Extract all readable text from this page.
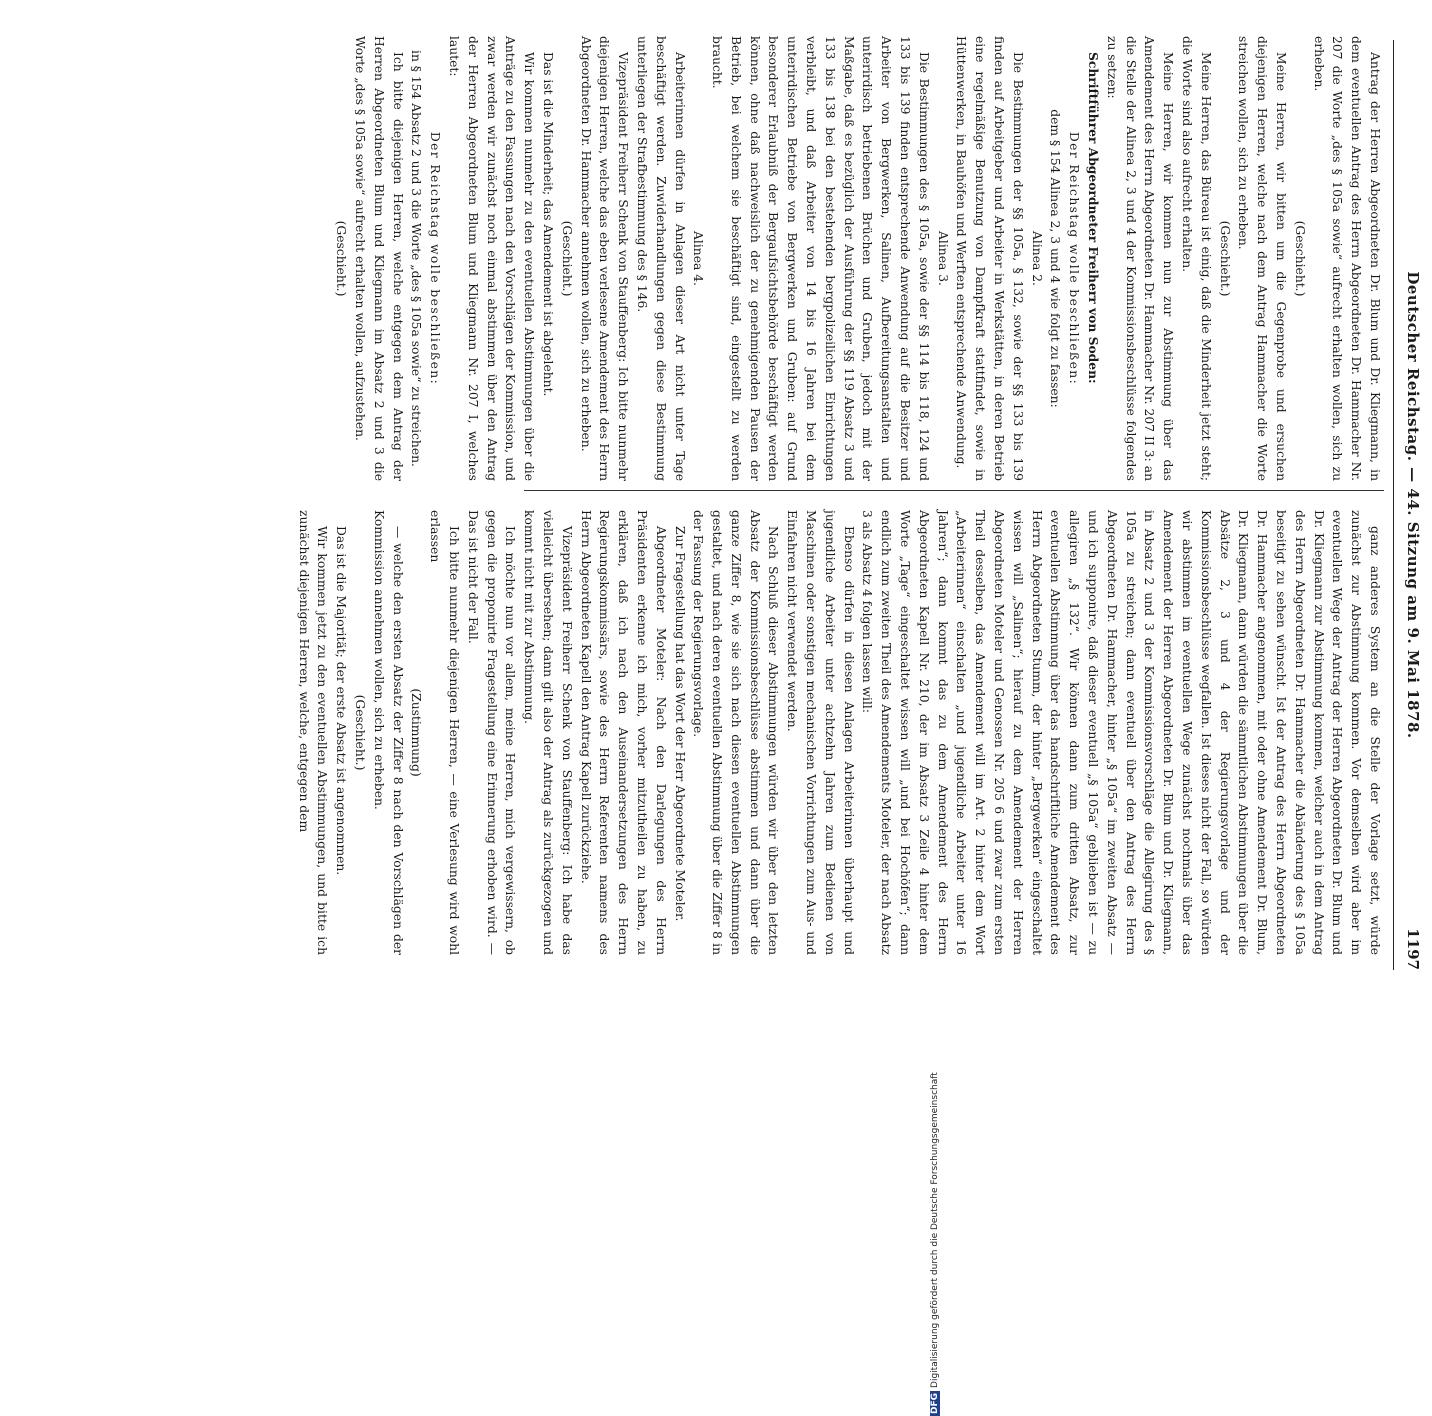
Deutscher Reichstag. — 44. Sitzung am 9. Mai 1878.
1197

Antrag der Herren Abgeordneten Dr. Blum und Dr. Kliegmann, in dem eventuellen Antrag des Herrn Abgeordneten Dr. Hammacher Nr. 207 die Worte „des § 105a sowie“ aufrecht erhalten wollen, sich zu erheben.

(Geschieht.)

Meine Herren, wir bitten um die Gegenprobe und ersuchen diejenigen Herren, welche nach dem Antrag Hammacher die Worte streichen wollen, sich zu erheben.

(Geschieht.)

Meine Herren, das Büreau ist einig, daß die Minderheit jetzt steht; die Worte sind also aufrecht erhalten.

Meine Herren, wir kommen nun zur Abstimmung über das Amendement des Herrn Abgeordneten Dr. Hammacher Nr. 207 II 3: an die Stelle der Alinea 2, 3 und 4 der Kommissionsbeschlüsse folgendes zu setzen:

Schriftführer Abgeordneter Freiherr von Soden:

Der Reichstag wolle beschließen:

dem § 154 Alinea 2, 3 und 4 wie folgt zu fassen:

Alinea 2.

Die Bestimmungen der §§ 105a, § 132, sowie der §§ 133 bis 139 finden auf Arbeitgeber und Arbeiter in Werkstätten, in deren Betrieb eine regelmäßige Benutzung von Dampfkraft stattfindet, sowie in Hüttenwerken, in Bauhöfen und Werften entsprechende Anwendung.

Alinea 3.

Die Bestimmungen des § 105a, sowie der §§ 114 bis 118, 124 und 133 bis 139 finden entsprechende Anwendung auf die Besitzer und Arbeiter von Bergwerken, Salinen, Aufbereitungsanstalten und unterirdisch betriebenen Brüchen und Gruben, jedoch mit der Maßgabe, daß es bezüglich der Ausführung der §§ 119 Absatz 3 und 133 bis 138 bei den bestehenden bergpolizeilichen Einrichtungen verbleibt, und daß Arbeiter von 14 bis 16 Jahren bei dem unterirdischen Betriebe von Bergwerken und Gruben: auf Grund besonderer Erlaubniß der Bergaufsichtsbehörde beschäftigt werden können, ohne daß nachweislich der zu genehmigenden Pausen der Betrieb, bei welchem sie beschäftigt sind, eingestellt zu werden braucht.

Alinea 4.

Arbeiterinnen dürfen in Anlagen dieser Art nicht unter Tage beschäftigt werden. Zuwiderhandlungen gegen diese Bestimmung unterliegen der Strafbestimmung des § 146.

Vizepräsident Freiherr Schenk von Stauffenberg: Ich bitte nunmehr diejenigen Herren, welche das eben verlesene Amendement des Herrn Abgeordneten Dr. Hammacher annehmen wollen, sich zu erheben.

(Geschieht.)

Das ist die Minderheit; das Amendement ist abgelehnt.

Wir kommen nunmehr zu den eventuellen Abstimmungen über die Anträge zu den Fassungen nach den Vorschlägen der Kommission, und zwar werden wir zunächst noch einmal abstimmen über den Antrag der Herren Abgeordneten Blum und Kliegmann Nr. 207 I, welches lautet:

Der Reichstag wolle beschließen:

in § 154 Absatz 2 und 3 die Worte „des § 105a sowie“ zu streichen.

Ich bitte diejenigen Herren, welche entgegen dem Antrag der Herren Abgeordneten Blum und Kliegmann im Absatz 2 und 3 die Worte „des § 105a sowie“ aufrecht erhalten wollen, aufzustehen.

(Geschieht.)

ganz anderes System an die Stelle der Vorlage setzt, würde zunächst zur Abstimmung kommen. Vor demselben wird aber im eventuellen Wege der Antrag der Herren Abgeordneten Dr. Blum und Dr. Kliegmann zur Abstimmung kommen, welcher auch in dem Antrag des Herrn Abgeordneten Dr. Hammacher die Abänderung des § 105a beseitigt zu sehen wünscht. Ist der Antrag des Herrn Abgeordneten Dr. Hammacher angenommen, mit oder ohne Amendement Dr. Blum, Dr. Kliegmann, dann würden die sämmtlichen Abstimmungen über die Absätze 2, 3 und 4 der Regierungsvorlage und der Kommissionsbeschlüsse wegfallen. Ist dieses nicht der Fall, so würden wir abstimmen im eventuellen Wege zunächst nochmals über das Amendement der Herren Abgeordneten Dr. Blum und Dr. Kliegmann, in Absatz 2 und 3 der Kommissionsvorschläge die Allegirung des § 105a zu streichen; dann eventuell über den Antrag des Herrn Abgeordneten Dr. Hammacher, hinter „§ 105a“ im zweiten Absatz — und ich supponire, daß dieser eventuell „§ 105a“ geblieben ist — zu allegiren „§ 132“. Wir können dann zum dritten Absatz, zur eventuellen Abstimmung über das handschriftliche Amendement des Herrn Abgeordneten Stumm, der hinter „Bergwerken“ eingeschaltet wissen will „Salinen“; hierauf zu dem Amendement der Herren Abgeordneten Moteler und Genossen Nr. 205 6 und zwar zum ersten Theil desselben, das Amendement will im Art. 2 hinter dem Wort „Arbeiterinnen“ einschalten „und jugendliche Arbeiter unter 16 Jahren“; dann kommt das zu dem Amendement des Herrn Abgeordneten Kapell Nr. 210, der im Absatz 3 Zeile 4 hinter dem Worte „Tage“ eingeschaltet wissen will „und bei Hochöfen“; dann endlich zum zweiten Theil des Amendements Moteler, der nach Absatz 3 als Absatz 4 folgen lassen will:

Ebenso dürfen in diesen Anlagen Arbeiterinnen überhaupt und jugendliche Arbeiter unter achtzehn Jahren zum Bedienen von Maschinen oder sonstigen mechanischen Vorrichtungen zum Aus- und Einfahren nicht verwendet werden.

Nach Schluß dieser Abstimmungen würden wir über den letzten Absatz der Kommissionsbeschlüsse abstimmen und dann über die ganze Ziffer 8, wie sie sich nach diesen eventuellen Abstimmungen gestaltet, und nach deren eventuellen Abstimmung über die Ziffer 8 in der Fassung der Regierungsvorlage.

Zur Fragestellung hat das Wort der Herr Abgeordnete Moteler.

Abgeordneter Moteler: Nach den Darlegungen des Herrn Präsidenten erkenne ich mich, vorher mitzutheilen zu haben, zu erklären, daß ich nach den Auseinandersetzungen des Herrn Regierungskommissärs, sowie des Herrn Referenten namens des Herrn Abgeordneten Kapell den Antrag Kapell zurückziehe.

Vizepräsident Freiherr Schenk von Stauffenberg: Ich habe das vielleicht übersehen; dann gilt also der Antrag als zurückgezogen und kommt nicht mit zur Abstimmung.

Ich möchte nun vor allem, meine Herren, mich vergewissern, ob gegen die proponirte Fragestellung eine Erinnerung erhoben wird. — Das ist nicht der Fall.

Ich bitte nunmehr diejenigen Herren, — eine Verlesung wird wohl erlassen

(Zustimmung)

— welche den ersten Absatz der Ziffer 8 nach den Vorschlägen der Kommission annehmen wollen, sich zu erheben.

(Geschieht.)

Das ist die Majorität; der erste Absatz ist angenommen.

Wir kommen jetzt zu den eventuellen Abstimmungen, und bitte ich zunächst diejenigen Herren, welche, entgegen dem

DFGDigitalisierung gefördert durch die Deutsche Forschungsgemeinschaft
